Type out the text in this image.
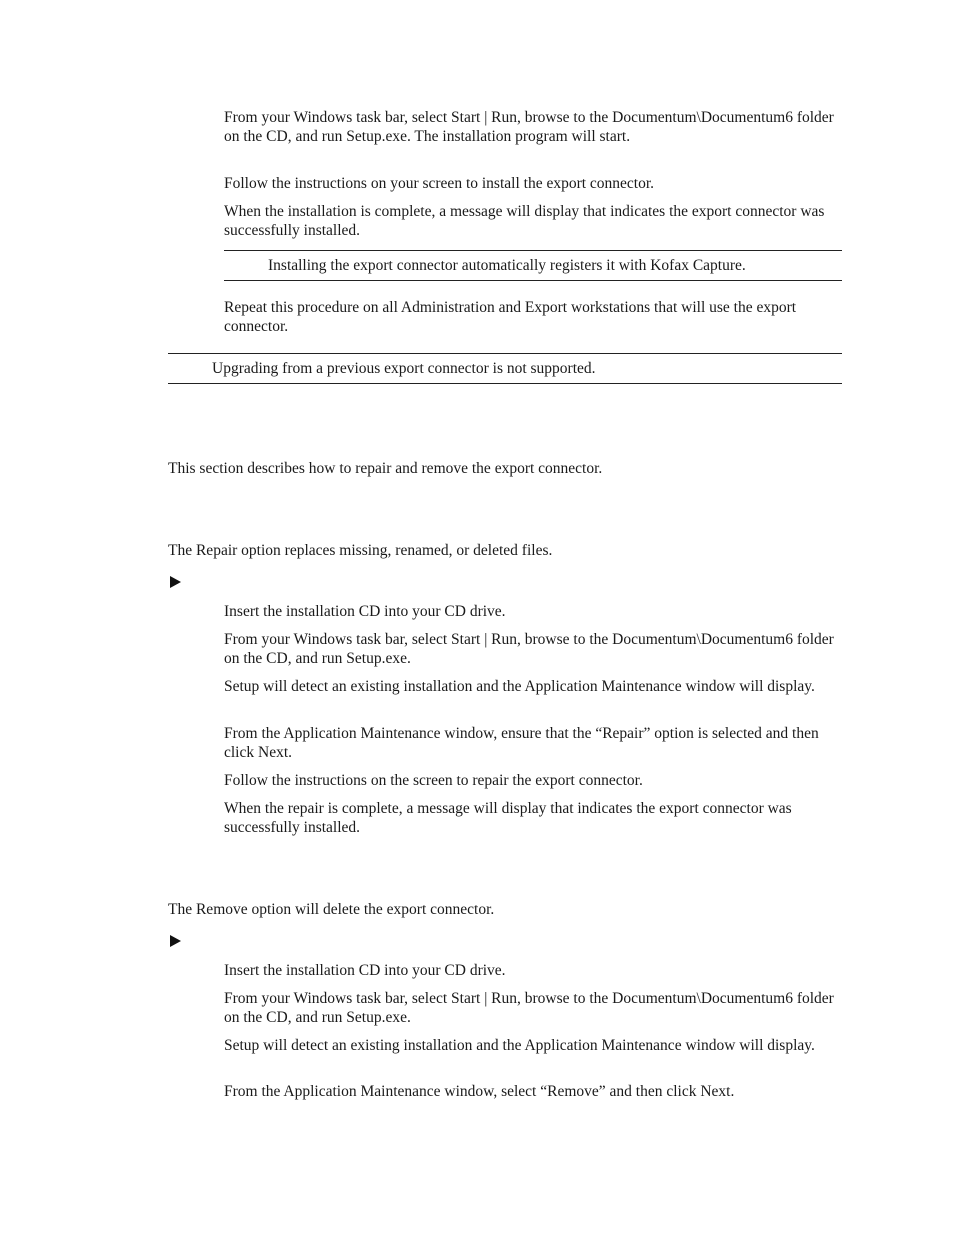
From your Windows task bar, select Start | Run, browse to the Documentum\Documentum6 folder on the CD, and run Setup.exe. The installation program will start.

Follow the instructions on your screen to install the export connector.

When the installation is complete, a message will display that indicates the export connector was successfully installed.

Installing the export connector automatically registers it with Kofax Capture.

Repeat this procedure on all Administration and Export workstations that will use the export connector.

Upgrading from a previous export connector is not supported.

This section describes how to repair and remove the export connector.

The Repair option replaces missing, renamed, or deleted files.

Insert the installation CD into your CD drive.

From your Windows task bar, select Start | Run, browse to the Documentum\Documentum6 folder on the CD, and run Setup.exe.

Setup will detect an existing installation and the Application Maintenance window will display.

From the Application Maintenance window, ensure that the “Repair” option is selected and then click Next.

Follow the instructions on the screen to repair the export connector.

When the repair is complete, a message will display that indicates the export connector was successfully installed.

The Remove option will delete the export connector.

Insert the installation CD into your CD drive.

From your Windows task bar, select Start | Run, browse to the Documentum\Documentum6 folder on the CD, and run Setup.exe.

Setup will detect an existing installation and the Application Maintenance window will display.

From the Application Maintenance window, select “Remove” and then click Next.
